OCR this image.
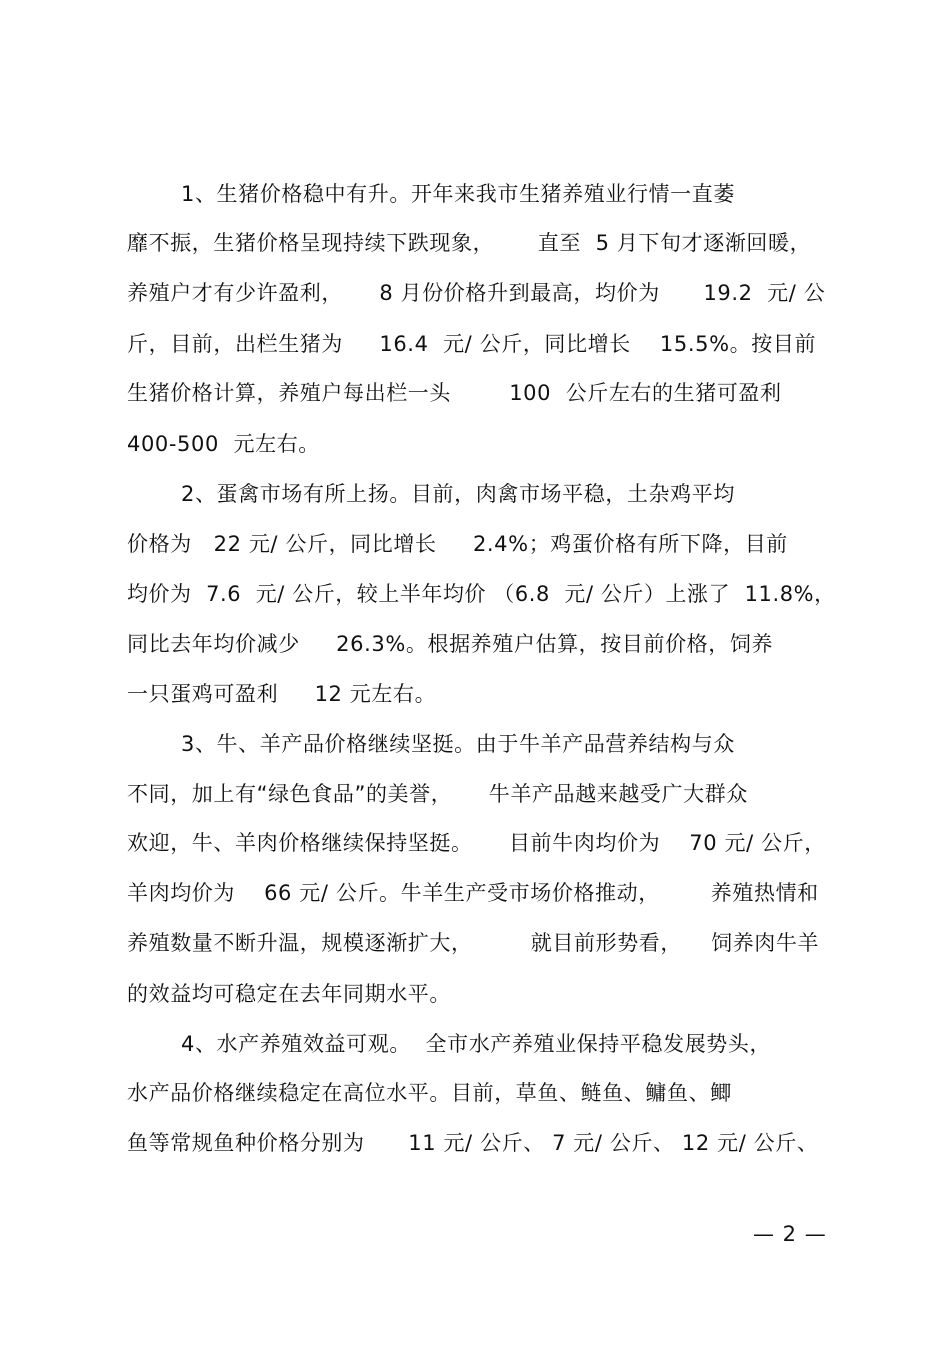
1、生猪价格稳中有升。开年来我市生猪养殖业行情一直萎
靡不振，生猪价格呈现持续下跌现象，      直至  5 月下旬才逐渐回暖，
养殖户才有少许盈利，     8 月份价格升到最高，均价为      19.2  元/ 公
斤，目前，出栏生猪为     16.4  元/ 公斤，同比增长    15.5%。按目前
生猪价格计算，养殖户每出栏一头        100  公斤左右的生猪可盈利
400-500  元左右。
2、蛋禽市场有所上扬。目前，肉禽市场平稳，土杂鸡平均
价格为   22 元/ 公斤，同比增长     2.4%；鸡蛋价格有所下降，目前
均价为  7.6  元/ 公斤，较上半年均价 （6.8  元/ 公斤）上涨了  11.8%，
同比去年均价减少     26.3%。根据养殖户估算，按目前价格，饲养
一只蛋鸡可盈利     12 元左右。
3、牛、羊产品价格继续坚挺。由于牛羊产品营养结构与众
不同，加上有“绿色食品”的美誉，     牛羊产品越来越受广大群众
欢迎，牛、羊肉价格继续保持坚挺。     目前牛肉均价为    70 元/ 公斤，
羊肉均价为    66 元/ 公斤。牛羊生产受市场价格推动，       养殖热情和
养殖数量不断升温，规模逐渐扩大，        就目前形势看，    饲养肉牛羊
的效益均可稳定在去年同期水平。
4、水产养殖效益可观。  全市水产养殖业保持平稳发展势头，
水产品价格继续稳定在高位水平。目前，草鱼、鲢鱼、鳙鱼、鲫
鱼等常规鱼种价格分别为      11 元/ 公斤、 7 元/ 公斤、 12 元/ 公斤、
— 2 —
